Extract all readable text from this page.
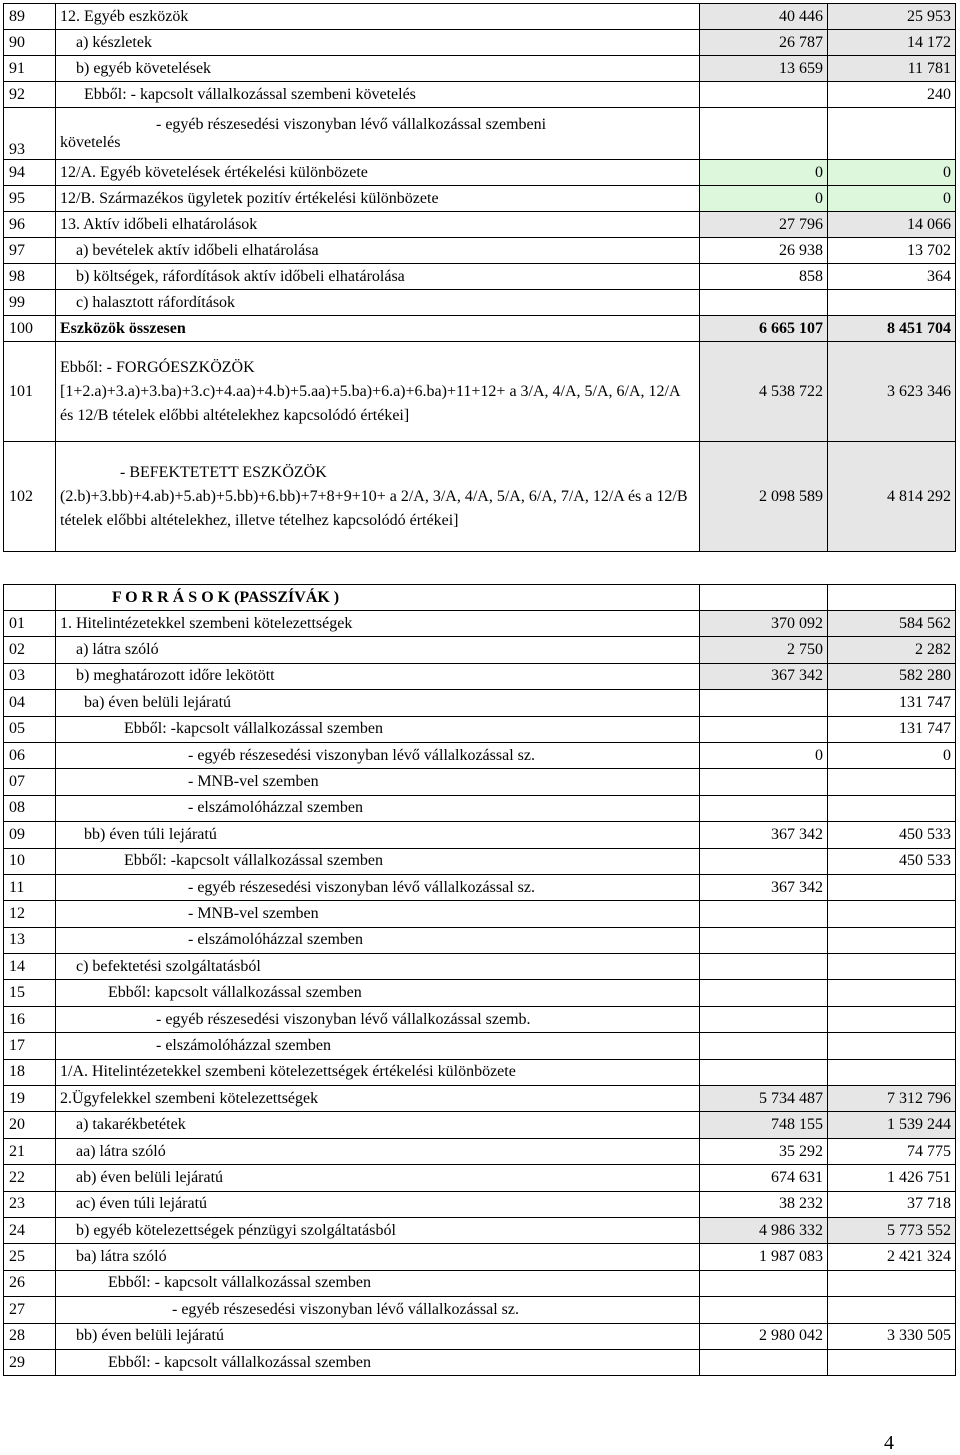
89	12. Egyéb eszközök	40 446	25 953
90	a) készletek	26 787	14 172
91	b) egyéb követelések	13 659	11 781
92	Ebből: - kapcsolt vállalkozással szembeni követelés		240
93	- egyéb részesedési viszonyban lévő vállalkozással szembeni
követelés		

94	12/A. Egyéb követelések értékelési különbözete	0	0
95	12/B. Származékos ügyletek pozitív értékelési különbözete	0	0
96	13. Aktív időbeli elhatárolások	27 796	14 066
97	a) bevételek aktív időbeli elhatárolása	26 938	13 702
98	b) költségek, ráfordítások aktív időbeli elhatárolása	858	364
99	c) halasztott ráfordítások		
100	Eszközök összesen	6 665 107	8 451 704
101	Ebből: - FORGÓESZKÖZÖK
[1+2.a)+3.a)+3.ba)+3.c)+4.aa)+4.b)+5.aa)+5.ba)+6.a)+6.ba)+11+12+ a 3/A, 4/A, 5/A, 6/A, 12/A és 12/B tételek előbbi altételekhez kapcsolódó értékei]	4 538 722	3 623 346
102	- BEFEKTETETT ESZKÖZÖK
(2.b)+3.bb)+4.ab)+5.ab)+5.bb)+6.bb)+7+8+9+10+ a 2/A, 3/A, 4/A, 5/A, 6/A, 7/A, 12/A és a 12/B tételek előbbi altételekhez, illetve tételhez kapcsolódó értékei]	2 098 589	4 814 292
	F O R R Á S O K (PASSZÍVÁK )		
01	1. Hitelintézetekkel szembeni kötelezettségek	370 092	584 562
02	a) látra szóló	2 750	2 282
03	b) meghatározott időre lekötött	367 342	582 280
04	ba) éven belüli lejáratú		131 747
05	Ebből: -kapcsolt vállalkozással szemben		131 747
06	- egyéb részesedési viszonyban lévő vállalkozással sz.	0	0
07	- MNB-vel szemben		
08	- elszámolóházzal szemben		
09	bb) éven túli lejáratú	367 342	450 533
10	Ebből: -kapcsolt vállalkozással szemben		450 533
11	- egyéb részesedési viszonyban lévő vállalkozással sz.	367 342	
12	- MNB-vel szemben		
13	- elszámolóházzal szemben		
14	c) befektetési szolgáltatásból		
15	Ebből: kapcsolt vállalkozással szemben		
16	- egyéb részesedési viszonyban lévő vállalkozással szemb.		
17	- elszámolóházzal szemben		
18	1/A. Hitelintézetekkel szembeni kötelezettségek értékelési különbözete		
19	2.Ügyfelekkel szembeni kötelezettségek	5 734 487	7 312 796
20	a) takarékbetétek	748 155	1 539 244
21	aa) látra szóló	35 292	74 775
22	ab) éven belüli lejáratú	674 631	1 426 751
23	ac) éven túli lejáratú	38 232	37 718
24	b) egyéb kötelezettségek pénzügyi szolgáltatásból	4 986 332	5 773 552
25	ba) látra szóló	1 987 083	2 421 324
26	Ebből: - kapcsolt vállalkozással szemben		
27	- egyéb részesedési viszonyban lévő vállalkozással sz.		
28	bb) éven belüli lejáratú	2 980 042	3 330 505
29	Ebből: - kapcsolt vállalkozással szemben		
4
